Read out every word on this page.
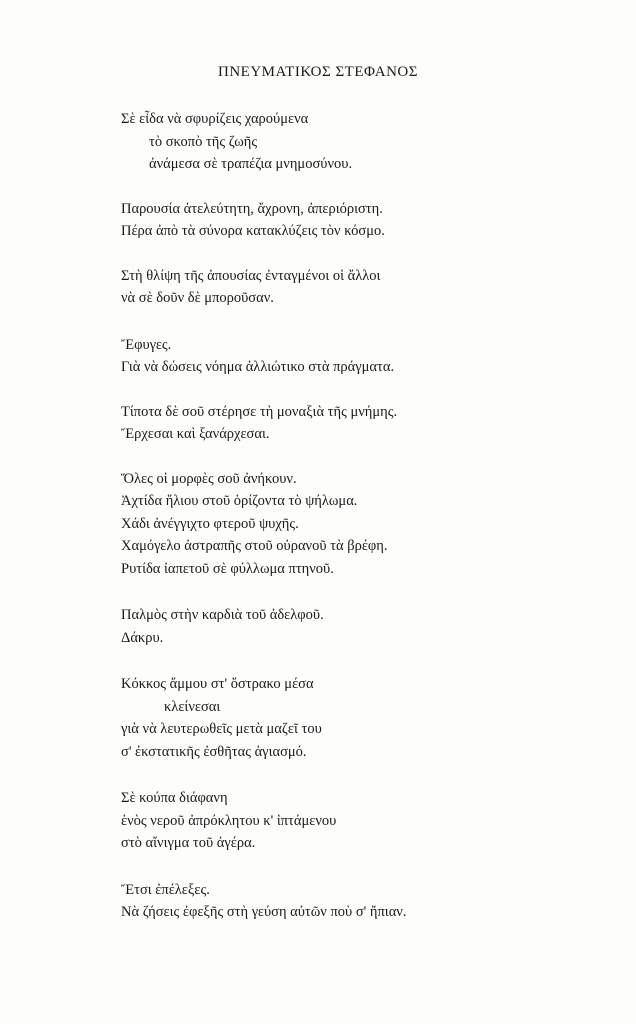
ΠΝΕΥΜΑΤΙΚΟΣ ΣΤΕΦΑΝΟΣ
Σὲ εἶδα νὰ σφυρίζεις χαρούμενα
τὸ σκοπὸ τῆς ζωῆς
ἀνάμεσα σὲ τραπέζια μνημοσύνου.
Παρουσία ἀτελεύτητη, ἄχρονη, ἀπεριόριστη.
Πέρα ἀπὸ τὰ σύνορα κατακλύζεις τὸν κόσμο.
Στὴ θλίψη τῆς ἀπουσίας ἐνταγμένοι οἱ ἄλλοι
νὰ σὲ δοῦν δὲ μποροῦσαν.
Ἔφυγες.
Γιὰ νὰ δώσεις νόημα ἀλλιώτικο στὰ πράγματα.
Τίποτα δὲ σοῦ στέρησε τὴ μοναξιὰ τῆς μνήμης.
Ἔρχεσαι καὶ ξανάρχεσαι.
Ὅλες οἱ μορφὲς σοῦ ἀνήκουν.
Ἀχτίδα ἥλιου στοῦ ὁρίζοντα τὸ ψήλωμα.
Χάδι ἀνέγγιχτο φτεροῦ ψυχῆς.
Χαμόγελο ἀστραπῆς στοῦ οὐρανοῦ τὰ βρέφη.
Ρυτίδα ἰαπετοῦ σὲ φύλλωμα πτηνοῦ.
Παλμὸς στὴν καρδιὰ τοῦ ἀδελφοῦ.
Δάκρυ.
Κόκκος ἄμμου στ' ὄστρακο μέσα
κλείνεσαι
γιὰ νὰ λευτερωθεῖς μετὰ μαζεῖ του
σ' ἐκστατικῆς ἐσθῆτας ἁγιασμό.
Σὲ κούπα διάφανη
ἑνὸς νεροῦ ἀπρόκλητου κ' ἱπτάμενου
στὸ αἴνιγμα τοῦ ἀγέρα.
Ἔτσι ἐπέλεξες.
Νὰ ζήσεις ἐφεξῆς στὴ γεύση αὐτῶν ποὺ σ' ἤπιαν.
